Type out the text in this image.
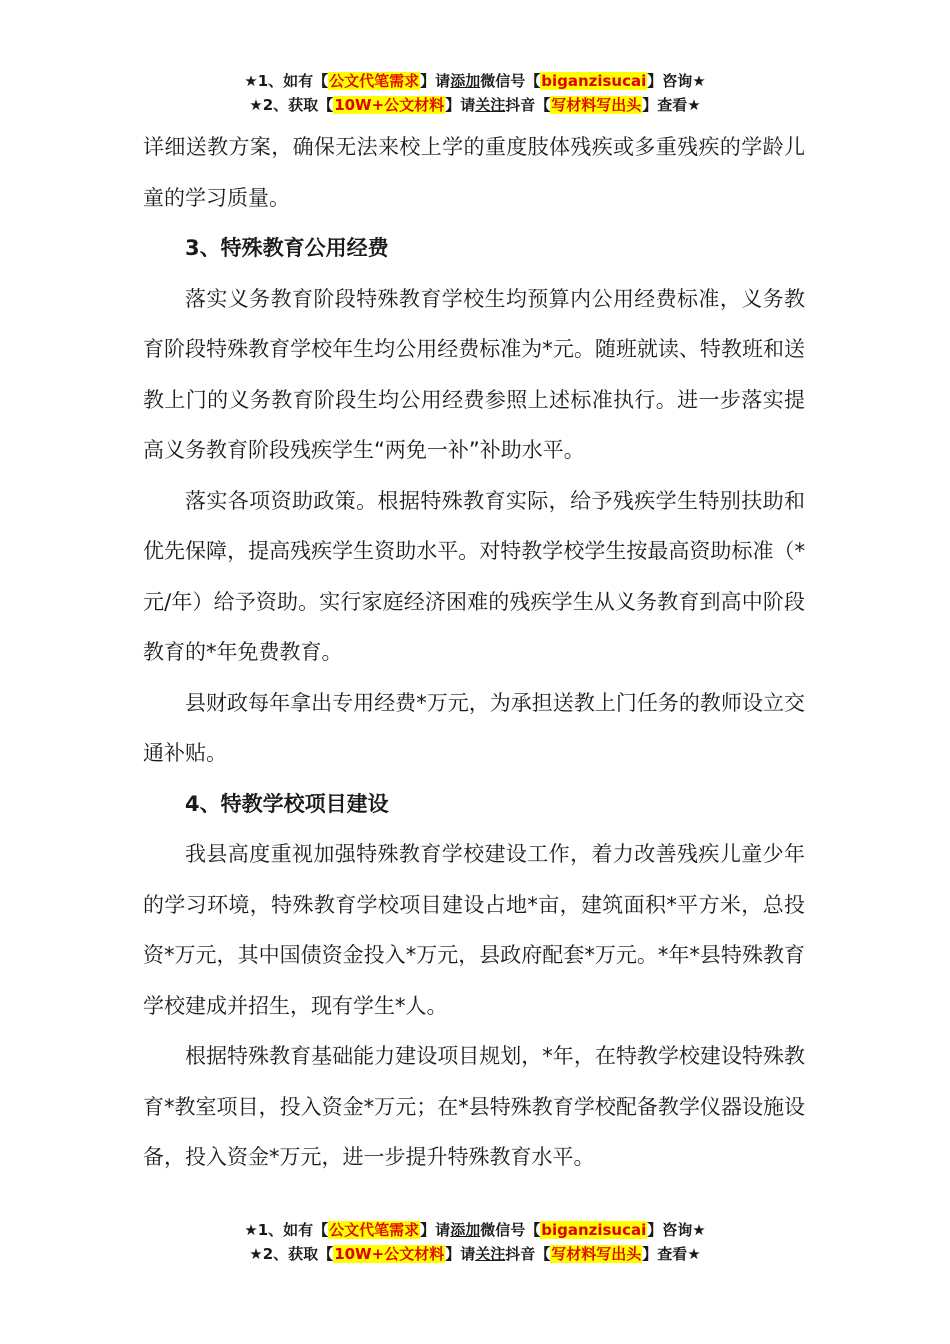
★1、如有【公文代笔需求】请添加微信号【biganzisucai】咨询★
★2、获取【10W+公文材料】请关注抖音【写材料写出头】查看★

详细送教方案，确保无法来校上学的重度肢体残疾或多重残疾的学龄儿童的学习质量。

3、特殊教育公用经费

落实义务教育阶段特殊教育学校生均预算内公用经费标准，义务教育阶段特殊教育学校年生均公用经费标准为*元。随班就读、特教班和送教上门的义务教育阶段生均公用经费参照上述标准执行。进一步落实提高义务教育阶段残疾学生“两免一补”补助水平。

落实各项资助政策。根据特殊教育实际，给予残疾学生特别扶助和优先保障，提高残疾学生资助水平。对特教学校学生按最高资助标准（*元/年）给予资助。实行家庭经济困难的残疾学生从义务教育到高中阶段教育的*年免费教育。

县财政每年拿出专用经费*万元，为承担送教上门任务的教师设立交通补贴。

4、特教学校项目建设

我县高度重视加强特殊教育学校建设工作，着力改善残疾儿童少年的学习环境，特殊教育学校项目建设占地*亩，建筑面积*平方米，总投资*万元，其中国债资金投入*万元，县政府配套*万元。*年*县特殊教育学校建成并招生，现有学生*人。

根据特殊教育基础能力建设项目规划，*年，在特教学校建设特殊教育*教室项目，投入资金*万元；在*县特殊教育学校配备教学仪器设施设备，投入资金*万元，进一步提升特殊教育水平。

★1、如有【公文代笔需求】请添加微信号【biganzisucai】咨询★
★2、获取【10W+公文材料】请关注抖音【写材料写出头】查看★
